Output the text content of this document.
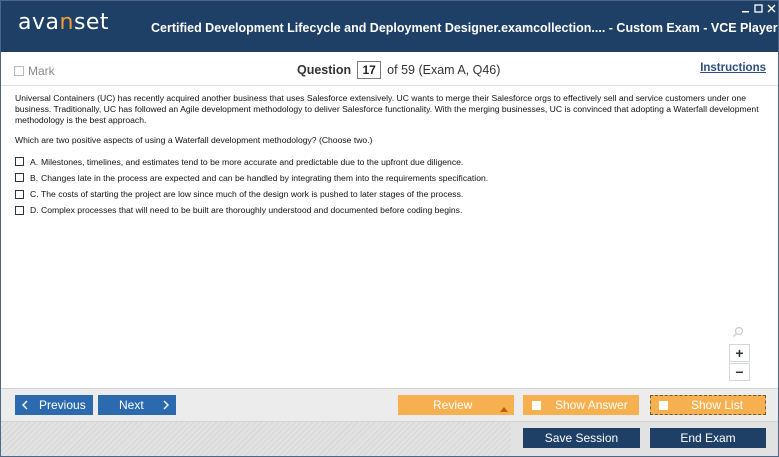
avanset	Certified Development Lifecycle and Deployment Designer.examcollection.... - Custom Exam - VCE Player
Mark	Question
17	of 59 (Exam A, Q46)	Instructions
Universal Containers (UC) has recently acquired another business that uses Salesforce extensively. UC wants to merge their Salesforce orgs to effectively sell and service customers under one business. Traditionally, UC has followed an Agile development methodology to deliver Salesforce functionality. With the merging businesses, UC is convinced that adopting a Waterfall development methodology is the best approach.
Which are two positive aspects of using a Waterfall development methodology? (Choose two.)
A. Milestones, timelines, and estimates tend to be more accurate and predictable due to the upfront due diligence.
B. Changes late in the process are expected and can be handled by integrating them into the requirements specification.
C. The costs of starting the project are low since much of the design work is pushed to later stages of the process.
D. Complex processes that will need to be built are thoroughly understood and documented before coding begins.
+
−
Previous	Next	Review	Show Answer	Show List
Save Session	End Exam
